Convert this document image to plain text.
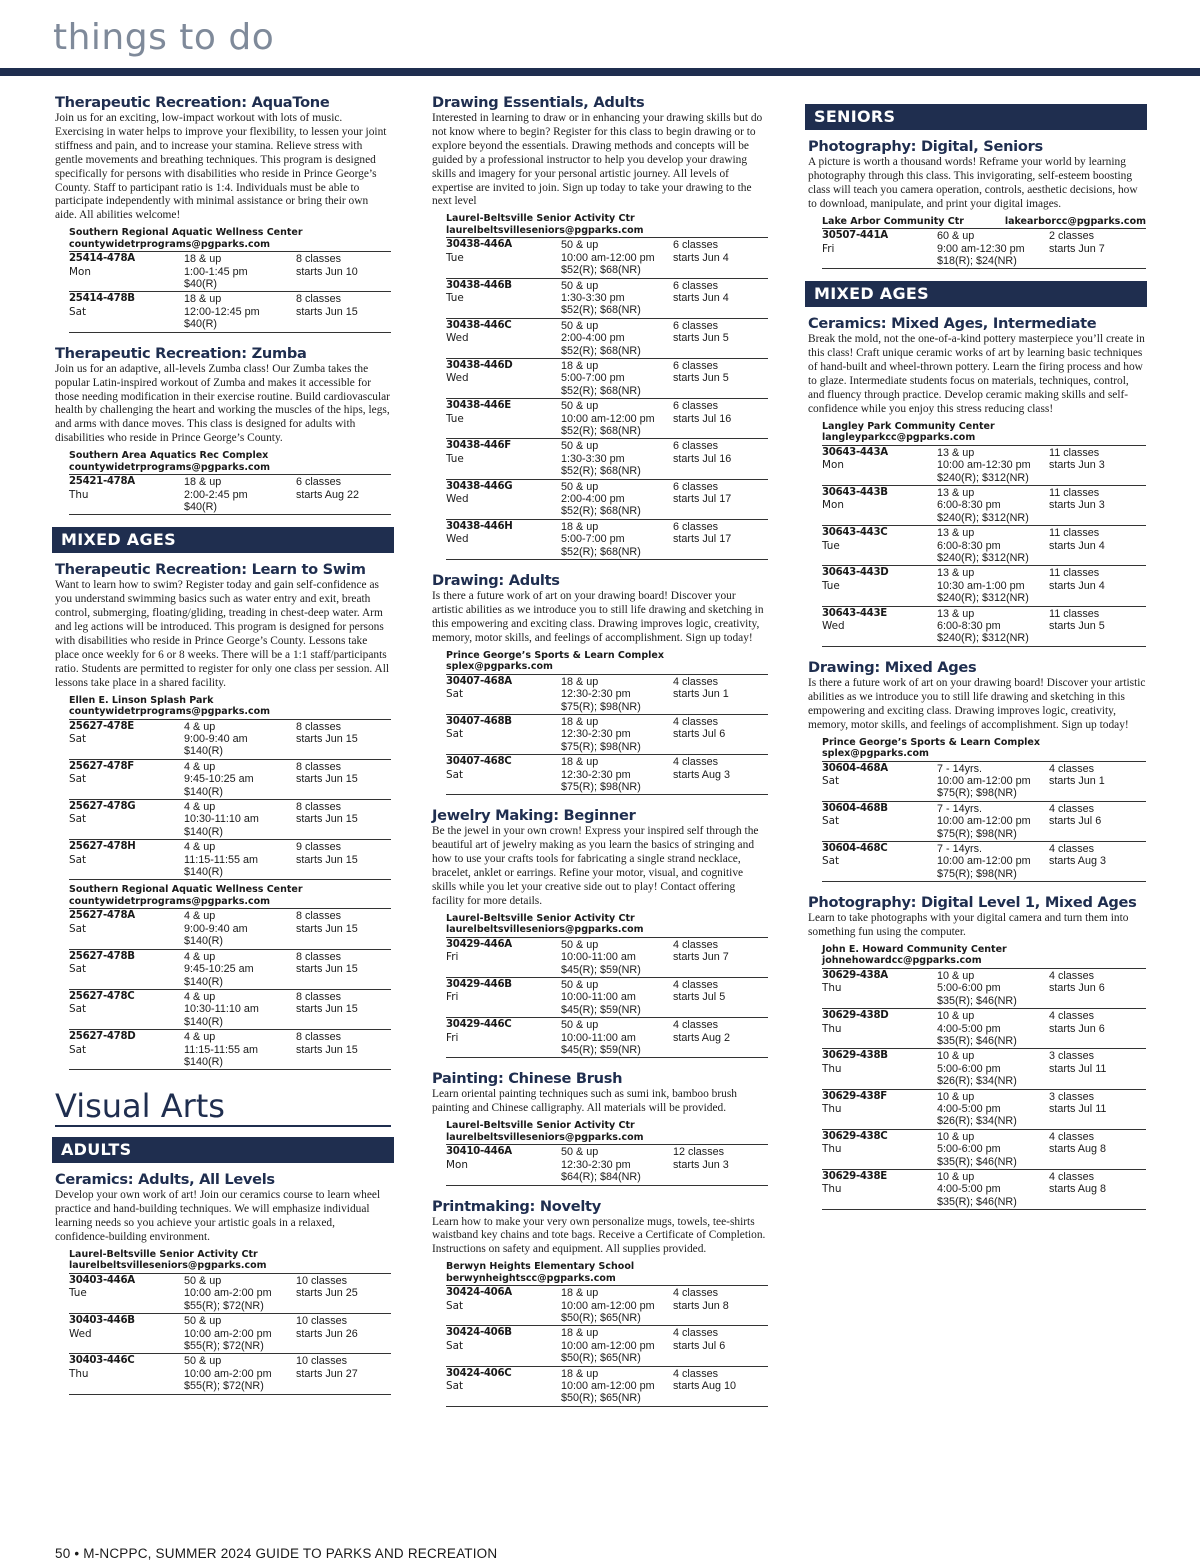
things to do
Therapeutic Recreation: AquaTone
Join us for an exciting, low-impact workout with lots of music. Exercising in water helps to improve your flexibility, to lessen your joint stiffness and pain, and to increase your stamina. Relieve stress with gentle movements and breathing techniques. This program is designed specifically for persons with disabilities who reside in Prince George’s County. Staff to participant ratio is 1:4. Individuals must be able to participate independently with minimal assistance or bring their own aide. All abilities welcome!
Southern Regional Aquatic Wellness Center
countywidetrprograms@pgparks.com
25414-478A
Mon
18 & up
1:00-1:45 pm
$40(R)
8 classes
starts Jun 10
25414-478B
Sat
18 & up
12:00-12:45 pm
$40(R)
8 classes
starts Jun 15
Therapeutic Recreation: Zumba
Join us for an adaptive, all-levels Zumba class! Our Zumba takes the popular Latin-inspired workout of Zumba and makes it accessible for those needing modification in their exercise routine. Build cardiovascular health by challenging the heart and working the muscles of the hips, legs, and arms with dance moves. This class is designed for adults with disabilities who reside in Prince George’s County.
Southern Area Aquatics Rec Complex
countywidetrprograms@pgparks.com
25421-478A
Thu
18 & up
2:00-2:45 pm
$40(R)
6 classes
starts Aug 22
MIXED AGES
Therapeutic Recreation: Learn to Swim
Want to learn how to swim? Register today and gain self-confidence as you understand swimming basics such as water entry and exit, breath control, submerging, floating/gliding, treading in chest-deep water. Arm and leg actions will be introduced. This program is designed for persons with disabilities who reside in Prince George’s County. Lessons take place once weekly for 6 or 8 weeks. There will be a 1:1 staff/participants ratio. Students are permitted to register for only one class per session. All lessons take place in a shared facility.
Ellen E. Linson Splash Park
countywidetrprograms@pgparks.com
25627-478E
Sat
4 & up
9:00-9:40 am
$140(R)
8 classes
starts Jun 15
25627-478F
Sat
4 & up
9:45-10:25 am
$140(R)
8 classes
starts Jun 15
25627-478G
Sat
4 & up
10:30-11:10 am
$140(R)
8 classes
starts Jun 15
25627-478H
Sat
4 & up
11:15-11:55 am
$140(R)
9 classes
starts Jun 15
Southern Regional Aquatic Wellness Center
countywidetrprograms@pgparks.com
25627-478A
Sat
4 & up
9:00-9:40 am
$140(R)
8 classes
starts Jun 15
25627-478B
Sat
4 & up
9:45-10:25 am
$140(R)
8 classes
starts Jun 15
25627-478C
Sat
4 & up
10:30-11:10 am
$140(R)
8 classes
starts Jun 15
25627-478D
Sat
4 & up
11:15-11:55 am
$140(R)
8 classes
starts Jun 15
Visual Arts
ADULTS
Ceramics: Adults, All Levels
Develop your own work of art! Join our ceramics course to learn wheel practice and hand-building techniques. We will emphasize individual learning needs so you achieve your artistic goals in a relaxed, confidence-building environment.
Laurel-Beltsville Senior Activity Ctr
laurelbeltsvilleseniors@pgparks.com
30403-446A
Tue
50 & up
10:00 am-2:00 pm
$55(R); $72(NR)
10 classes
starts Jun 25
30403-446B
Wed
50 & up
10:00 am-2:00 pm
$55(R); $72(NR)
10 classes
starts Jun 26
30403-446C
Thu
50 & up
10:00 am-2:00 pm
$55(R); $72(NR)
10 classes
starts Jun 27
Drawing Essentials, Adults
Interested in learning to draw or in enhancing your drawing skills but do not know where to begin? Register for this class to begin drawing or to explore beyond the essentials. Drawing methods and concepts will be guided by a professional instructor to help you develop your drawing skills and imagery for your personal artistic journey. All levels of expertise are invited to join. Sign up today to take your drawing to the next level
Laurel-Beltsville Senior Activity Ctr
laurelbeltsvilleseniors@pgparks.com
30438-446A
Tue
50 & up
10:00 am-12:00 pm
$52(R); $68(NR)
6 classes
starts Jun 4
30438-446B
Tue
50 & up
1:30-3:30 pm
$52(R); $68(NR)
6 classes
starts Jun 4
30438-446C
Wed
50 & up
2:00-4:00 pm
$52(R); $68(NR)
6 classes
starts Jun 5
30438-446D
Wed
18 & up
5:00-7:00 pm
$52(R); $68(NR)
6 classes
starts Jun 5
30438-446E
Tue
50 & up
10:00 am-12:00 pm
$52(R); $68(NR)
6 classes
starts Jul 16
30438-446F
Tue
50 & up
1:30-3:30 pm
$52(R); $68(NR)
6 classes
starts Jul 16
30438-446G
Wed
50 & up
2:00-4:00 pm
$52(R); $68(NR)
6 classes
starts Jul 17
30438-446H
Wed
18 & up
5:00-7:00 pm
$52(R); $68(NR)
6 classes
starts Jul 17
Drawing: Adults
Is there a future work of art on your drawing board! Discover your artistic abilities as we introduce you to still life drawing and sketching in this empowering and exciting class. Drawing improves logic, creativity, memory, motor skills, and feelings of accomplishment. Sign up today!
Prince George’s Sports & Learn Complex
splex@pgparks.com
30407-468A
Sat
18 & up
12:30-2:30 pm
$75(R); $98(NR)
4 classes
starts Jun 1
30407-468B
Sat
18 & up
12:30-2:30 pm
$75(R); $98(NR)
4 classes
starts Jul 6
30407-468C
Sat
18 & up
12:30-2:30 pm
$75(R); $98(NR)
4 classes
starts Aug 3
Jewelry Making: Beginner
Be the jewel in your own crown! Express your inspired self through the beautiful art of jewelry making as you learn the basics of stringing and how to use your crafts tools for fabricating a single strand necklace, bracelet, anklet or earrings. Refine your motor, visual, and cognitive skills while you let your creative side out to play! Contact offering facility for more details.
Laurel-Beltsville Senior Activity Ctr
laurelbeltsvilleseniors@pgparks.com
30429-446A
Fri
50 & up
10:00-11:00 am
$45(R); $59(NR)
4 classes
starts Jun 7
30429-446B
Fri
50 & up
10:00-11:00 am
$45(R); $59(NR)
4 classes
starts Jul 5
30429-446C
Fri
50 & up
10:00-11:00 am
$45(R); $59(NR)
4 classes
starts Aug 2
Painting: Chinese Brush
Learn oriental painting techniques such as sumi ink, bamboo brush painting and Chinese calligraphy. All materials will be provided.
Laurel-Beltsville Senior Activity Ctr
laurelbeltsvilleseniors@pgparks.com
30410-446A
Mon
50 & up
12:30-2:30 pm
$64(R); $84(NR)
12 classes
starts Jun 3
Printmaking: Novelty
Learn how to make your very own personalize mugs, towels, tee-shirts waistband key chains and tote bags. Receive a Certificate of Completion. Instructions on safety and equipment. All supplies provided.
Berwyn Heights Elementary School
berwynheightscc@pgparks.com
30424-406A
Sat
18 & up
10:00 am-12:00 pm
$50(R); $65(NR)
4 classes
starts Jun 8
30424-406B
Sat
18 & up
10:00 am-12:00 pm
$50(R); $65(NR)
4 classes
starts Jul 6
30424-406C
Sat
18 & up
10:00 am-12:00 pm
$50(R); $65(NR)
4 classes
starts Aug 10
SENIORS
Photography: Digital, Seniors
A picture is worth a thousand words! Reframe your world by learning photography through this class. This invigorating, self-esteem boosting class will teach you camera operation, controls, aesthetic decisions, how to download, manipulate, and print your digital images.
Lake Arbor Community Ctr	lakearborcc@pgparks.com
30507-441A
Fri
60 & up
9:00 am-12:30 pm
$18(R); $24(NR)
2 classes
starts Jun 7
MIXED AGES
Ceramics: Mixed Ages, Intermediate
Break the mold, not the one-of-a-kind pottery masterpiece you’ll create in this class! Craft unique ceramic works of art by learning basic techniques of hand-built and wheel-thrown pottery. Learn the firing process and how to glaze. Intermediate students focus on materials, techniques, control, and fluency through practice. Develop ceramic making skills and self-confidence while you enjoy this stress reducing class!
Langley Park Community Center
langleyparkcc@pgparks.com
30643-443A
Mon
13 & up
10:00 am-12:30 pm
$240(R); $312(NR)
11 classes
starts Jun 3
30643-443B
Mon
13 & up
6:00-8:30 pm
$240(R); $312(NR)
11 classes
starts Jun 3
30643-443C
Tue
13 & up
6:00-8:30 pm
$240(R); $312(NR)
11 classes
starts Jun 4
30643-443D
Tue
13 & up
10:30 am-1:00 pm
$240(R); $312(NR)
11 classes
starts Jun 4
30643-443E
Wed
13 & up
6:00-8:30 pm
$240(R); $312(NR)
11 classes
starts Jun 5
Drawing: Mixed Ages
Is there a future work of art on your drawing board! Discover your artistic abilities as we introduce you to still life drawing and sketching in this empowering and exciting class. Drawing improves logic, creativity, memory, motor skills, and feelings of accomplishment. Sign up today!
Prince George’s Sports & Learn Complex
splex@pgparks.com
30604-468A
Sat
7 - 14yrs.
10:00 am-12:00 pm
$75(R); $98(NR)
4 classes
starts Jun 1
30604-468B
Sat
7 - 14yrs.
10:00 am-12:00 pm
$75(R); $98(NR)
4 classes
starts Jul 6
30604-468C
Sat
7 - 14yrs.
10:00 am-12:00 pm
$75(R); $98(NR)
4 classes
starts Aug 3
Photography: Digital Level 1, Mixed Ages
Learn to take photographs with your digital camera and turn them into something fun using the computer.
John E. Howard Community Center
johnehowardcc@pgparks.com
30629-438A
Thu
10 & up
5:00-6:00 pm
$35(R); $46(NR)
4 classes
starts Jun 6
30629-438D
Thu
10 & up
4:00-5:00 pm
$35(R); $46(NR)
4 classes
starts Jun 6
30629-438B
Thu
10 & up
5:00-6:00 pm
$26(R); $34(NR)
3 classes
starts Jul 11
30629-438F
Thu
10 & up
4:00-5:00 pm
$26(R); $34(NR)
3 classes
starts Jul 11
30629-438C
Thu
10 & up
5:00-6:00 pm
$35(R); $46(NR)
4 classes
starts Aug 8
30629-438E
Thu
10 & up
4:00-5:00 pm
$35(R); $46(NR)
4 classes
starts Aug 8
50 • M-NCPPC, SUMMER 2024 GUIDE TO PARKS AND RECREATION
